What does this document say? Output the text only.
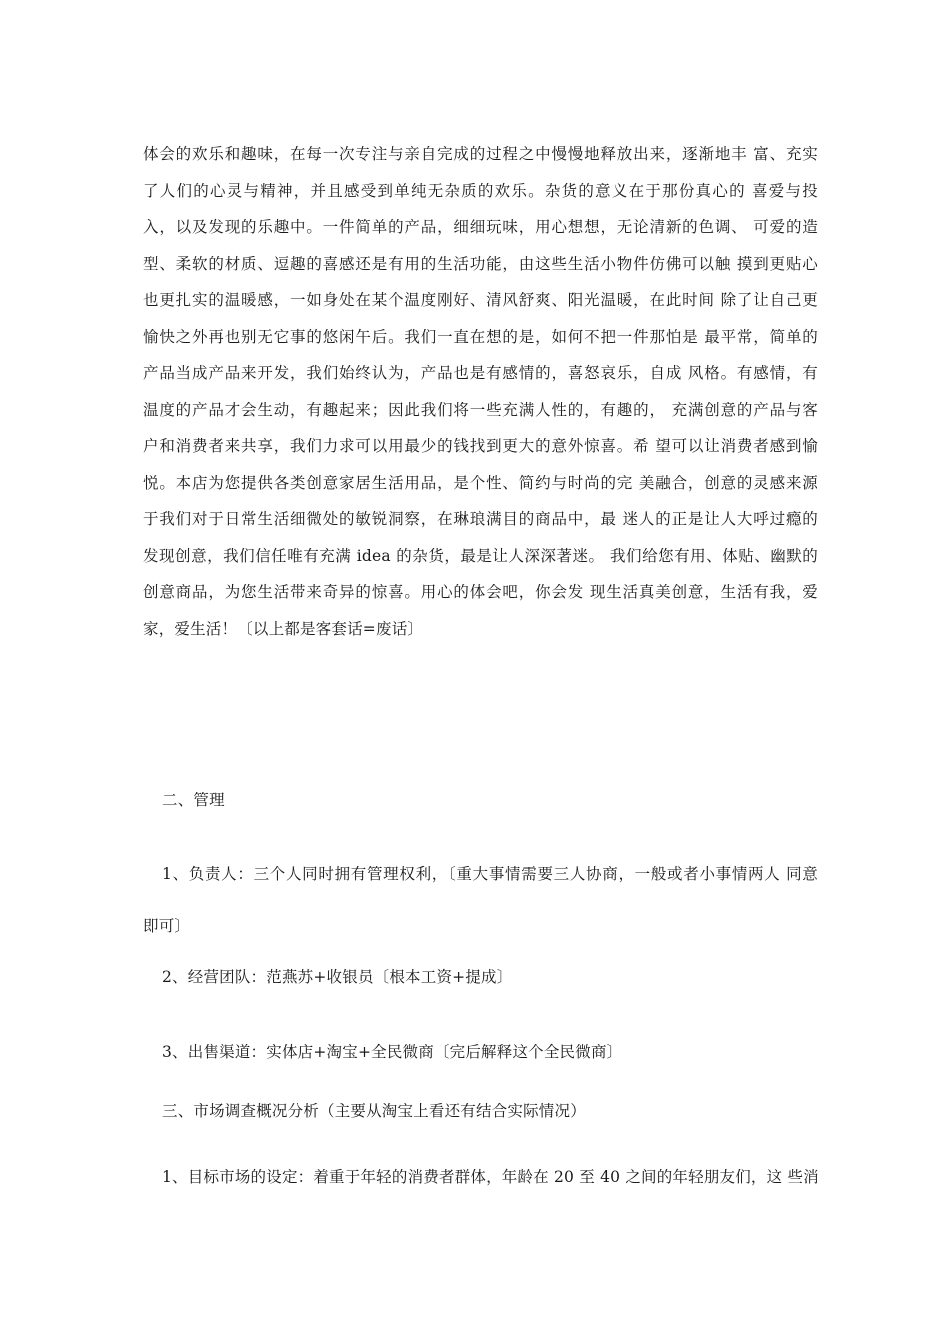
体会的欢乐和趣味，在每一次专注与亲自完成的过程之中慢慢地释放出来，逐渐地丰 富、充实
了人们的心灵与精神，并且感受到单纯无杂质的欢乐。杂货的意义在于那份真心的 喜爱与投
入，以及发现的乐趣中。一件简单的产品，细细玩味，用心想想，无论清新的色调、 可爱的造
型、柔软的材质、逗趣的喜感还是有用的生活功能，由这些生活小物件仿佛可以触 摸到更贴心
也更扎实的温暖感，一如身处在某个温度刚好、清风舒爽、阳光温暖，在此时间 除了让自己更
愉快之外再也别无它事的悠闲午后。我们一直在想的是，如何不把一件那怕是 最平常，简单的
产品当成产品来开发，我们始终认为，产品也是有感情的，喜怒哀乐，自成 风格。有感情，有
温度的产品才会生动，有趣起来；因此我们将一些充满人性的，有趣的， 充满创意的产品与客
户和消费者来共享，我们力求可以用最少的钱找到更大的意外惊喜。希 望可以让消费者感到愉
悦。本店为您提供各类创意家居生活用品，是个性、简约与时尚的完 美融合，创意的灵感来源
于我们对于日常生活细微处的敏锐洞察，在琳琅满目的商品中，最 迷人的正是让人大呼过瘾的
发现创意，我们信任唯有充满 idea 的杂货，最是让人深深著迷。 我们给您有用、体贴、幽默的
创意商品，为您生活带来奇异的惊喜。用心的体会吧，你会发 现生活真美创意，生活有我，爱
家，爱生活！〔以上都是客套话=废话〕
二、管理
1、负责人：三个人同时拥有管理权利，〔重大事情需要三人协商，一般或者小事情两人 同意
即可〕
2、经营团队：范燕苏+收银员〔根本工资+提成〕
3、出售渠道：实体店+淘宝+全民微商〔完后解释这个全民微商〕
三、市场调查概况分析（主要从淘宝上看还有结合实际情况）
1、目标市场的设定：着重于年轻的消费者群体，年龄在 20 至 40 之间的年轻朋友们，这 些消
